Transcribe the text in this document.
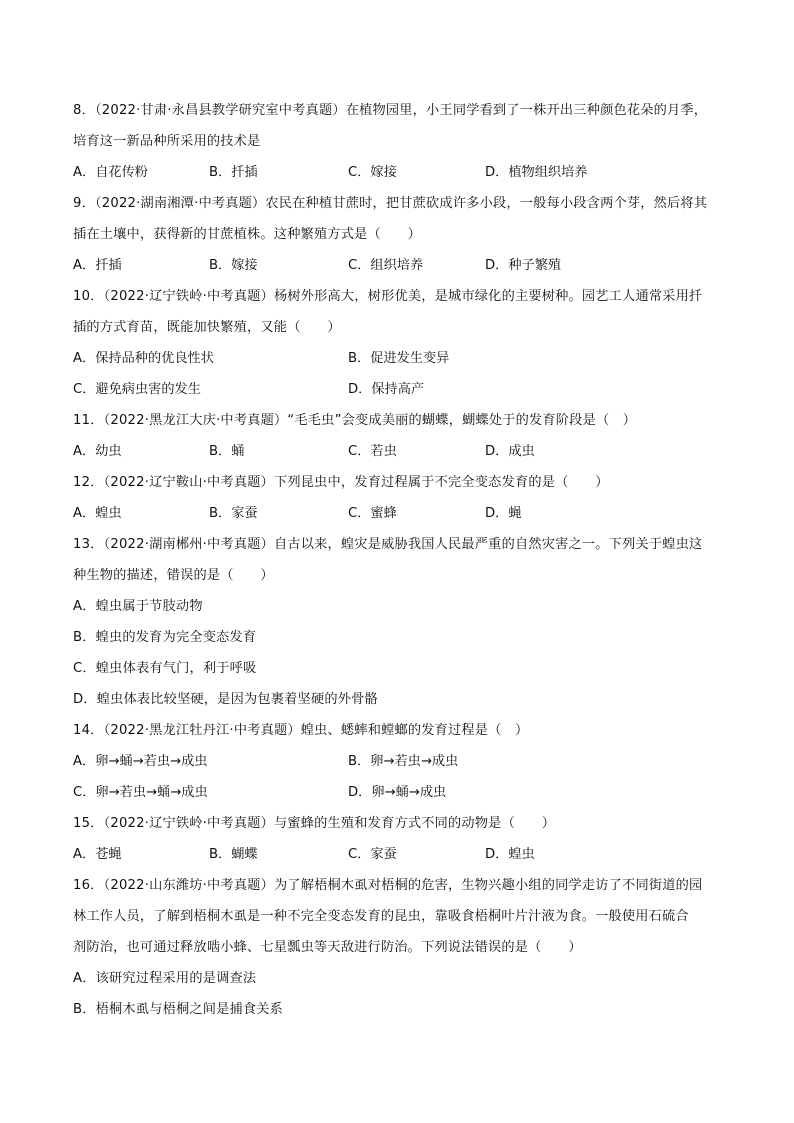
8．（2022·甘肃·永昌县教学研究室中考真题）在植物园里，小王同学看到了一株开出三种颜色花朵的月季，
培育这一新品种所采用的技术是
A．自花传粉	B．扦插	C．嫁接	D．植物组织培养
9．（2022·湖南湘潭·中考真题）农民在种植甘蔗时，把甘蔗砍成许多小段，一般每小段含两个芽，然后将其
插在土壤中，获得新的甘蔗植株。这种繁殖方式是（　　）
A．扦插	B．嫁接	C．组织培养	D．种子繁殖
10．（2022·辽宁铁岭·中考真题）杨树外形高大，树形优美，是城市绿化的主要树种。园艺工人通常采用扦
插的方式育苗，既能加快繁殖，又能（　　）
A．保持品种的优良性状	B．促进发生变异
C．避免病虫害的发生	D．保持高产
11．（2022·黑龙江大庆·中考真题）“毛毛虫”会变成美丽的蝴蝶，蝴蝶处于的发育阶段是（　）
A．幼虫	B．蛹	C．若虫	D．成虫
12．（2022·辽宁鞍山·中考真题）下列昆虫中，发育过程属于不完全变态发育的是（　　）
A．蝗虫	B．家蚕	C．蜜蜂	D．蝇
13．（2022·湖南郴州·中考真题）自古以来，蝗灾是威胁我国人民最严重的自然灾害之一。下列关于蝗虫这
种生物的描述，错误的是（　　）
A．蝗虫属于节肢动物
B．蝗虫的发育为完全变态发育
C．蝗虫体表有气门，利于呼吸
D．蝗虫体表比较坚硬，是因为包裹着坚硬的外骨骼
14．（2022·黑龙江牡丹江·中考真题）蝗虫、蟋蟀和螳螂的发育过程是（　）
A．卵→蛹→若虫→成虫	B．卵→若虫→成虫
C．卵→若虫→蛹→成虫	D．卵→蛹→成虫
15．（2022·辽宁铁岭·中考真题）与蜜蜂的生殖和发育方式不同的动物是（　　）
A．苍蝇	B．蝴蝶	C．家蚕	D．蝗虫
16．（2022·山东潍坊·中考真题）为了解梧桐木虱对梧桐的危害，生物兴趣小组的同学走访了不同街道的园
林工作人员，了解到梧桐木虱是一种不完全变态发育的昆虫，靠吸食梧桐叶片汁液为食。一般使用石硫合
剂防治，也可通过释放啮小蜂、七星瓢虫等天敌进行防治。下列说法错误的是（　　）
A．该研究过程采用的是调查法
B．梧桐木虱与梧桐之间是捕食关系
